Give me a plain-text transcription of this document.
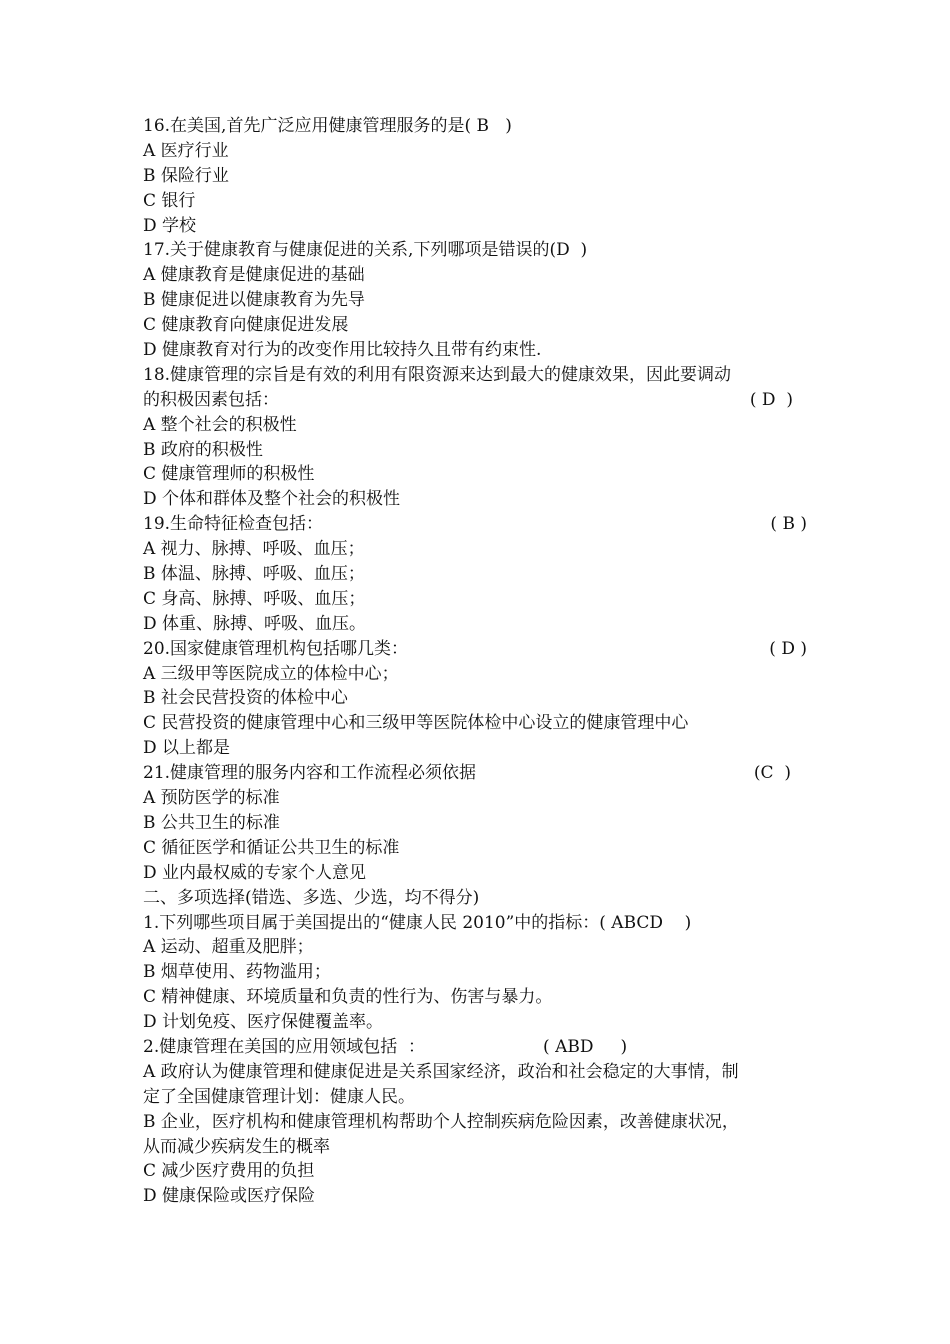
16.在美国,首先广泛应用健康管理服务的是( B )
A 医疗行业
B 保险行业
C 银行
D 学校
17.关于健康教育与健康促进的关系,下列哪项是错误的(D  )
A 健康教育是健康促进的基础
B 健康促进以健康教育为先导
C 健康教育向健康促进发展
D 健康教育对行为的改变作用比较持久且带有约束性.
18.健康管理的宗旨是有效的利用有限资源来达到最大的健康效果，因此要调动
的积极因素包括：	( D  )
A 整个社会的积极性
B 政府的积极性
C 健康管理师的积极性
D 个体和群体及整个社会的积极性
19.生命特征检查包括：	( B )
A 视力、脉搏、呼吸、血压；
B 体温、脉搏、呼吸、血压；
C 身高、脉搏、呼吸、血压；
D 体重、脉搏、呼吸、血压。
20.国家健康管理机构包括哪几类：	( D )
A 三级甲等医院成立的体检中心；
B 社会民营投资的体检中心
C 民营投资的健康管理中心和三级甲等医院体检中心设立的健康管理中心
D 以上都是
21.健康管理的服务内容和工作流程必须依据	(C  )
A 预防医学的标准
B 公共卫生的标准
C 循征医学和循证公共卫生的标准
D 业内最权威的专家个人意见
二、多项选择(错选、多选、少选，均不得分)
1.下列哪些项目属于美国提出的“健康人民 2010”中的指标：( ABCD    )
A 运动、超重及肥胖；
B 烟草使用、药物滥用；
C 精神健康、环境质量和负责的性行为、伤害与暴力。
D 计划免疫、医疗保健覆盖率。
2.健康管理在美国的应用领域包括  ：	( ABD     )
A 政府认为健康管理和健康促进是关系国家经济，政治和社会稳定的大事情，制
定了全国健康管理计划：健康人民。
B 企业，医疗机构和健康管理机构帮助个人控制疾病危险因素，改善健康状况，
从而减少疾病发生的概率
C 减少医疗费用的负担
D 健康保险或医疗保险
